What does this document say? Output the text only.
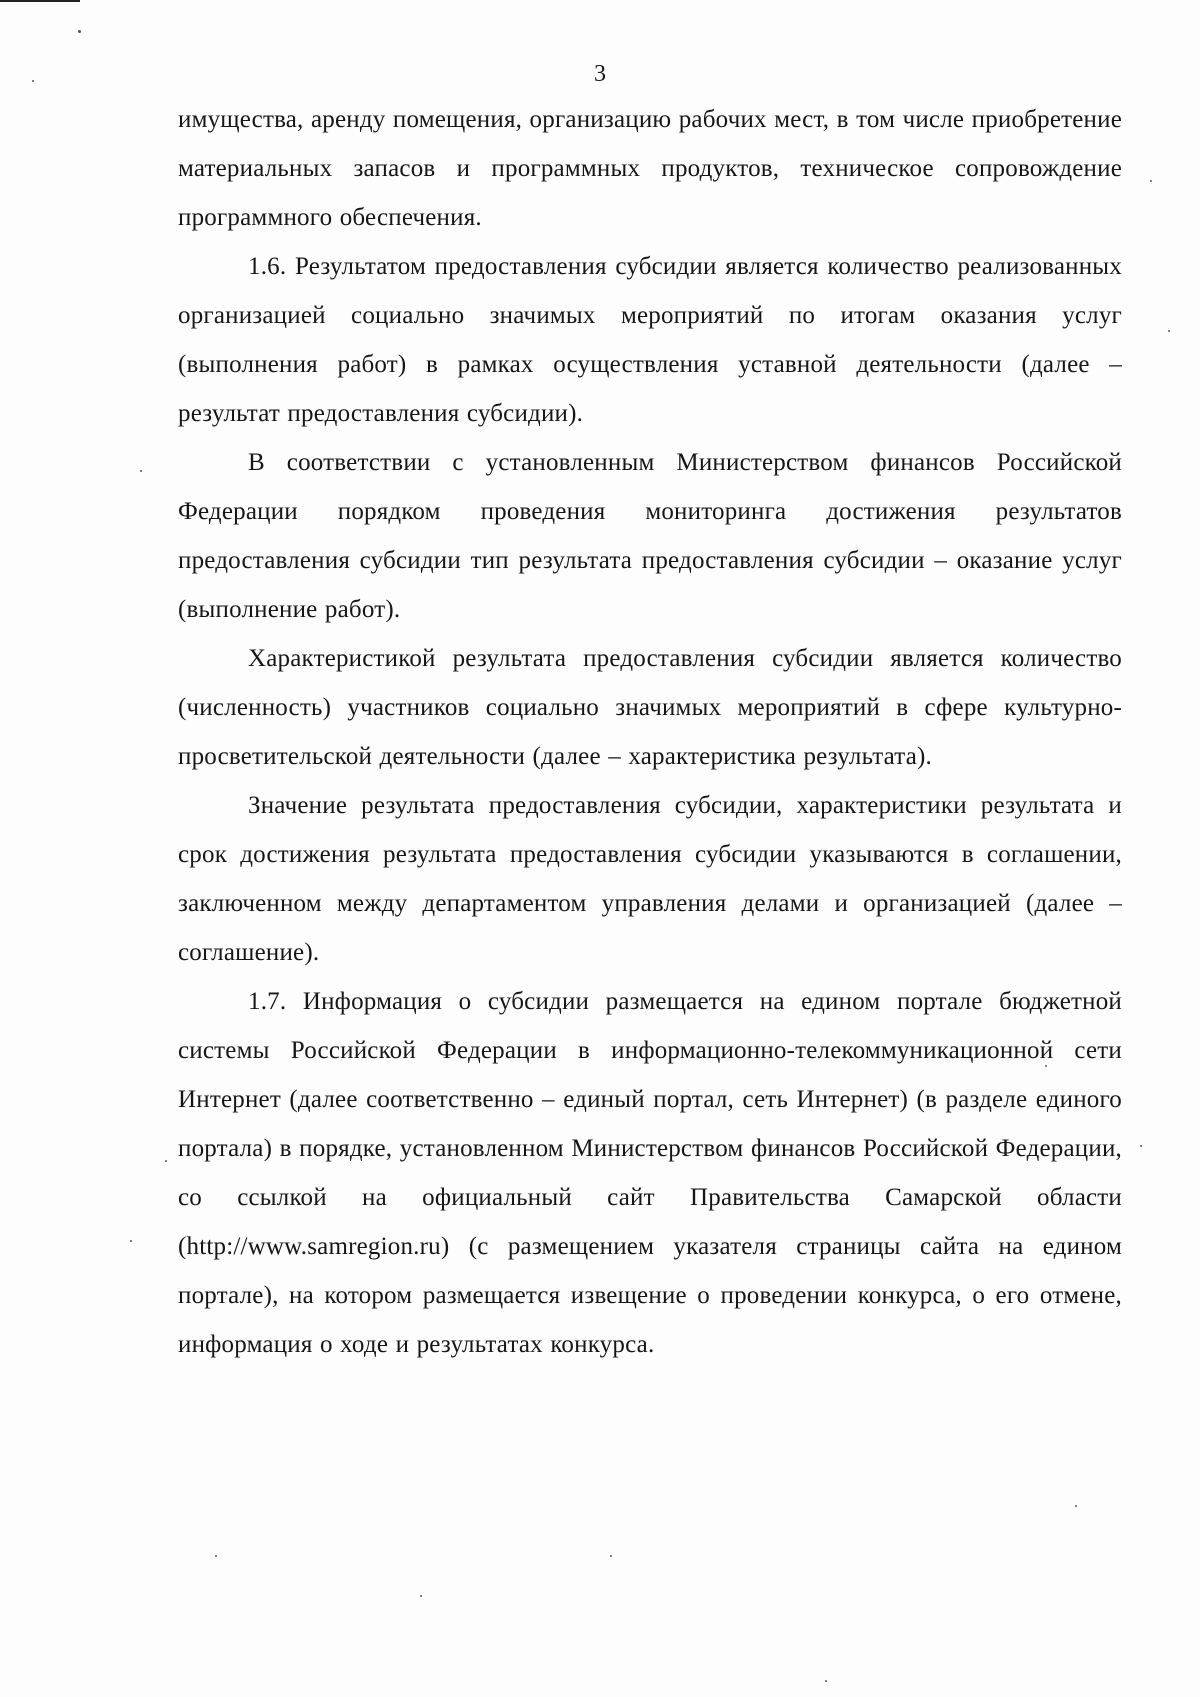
3

имущества, аренду помещения, организацию рабочих мест, в том числе приобретение материальных запасов и программных продуктов, техническое сопровождение программного обеспечения.

1.6. Результатом предоставления субсидии является количество реализованных организацией социально значимых мероприятий по итогам оказания услуг (выполнения работ) в рамках осуществления уставной деятельности (далее – результат предоставления субсидии).

В соответствии с установленным Министерством финансов Российской Федерации порядком проведения мониторинга достижения результатов предоставления субсидии тип результата предоставления субсидии – оказание услуг (выполнение работ).

Характеристикой результата предоставления субсидии является количество (численность) участников социально значимых мероприятий в сфере культурно-просветительской деятельности (далее – характеристика результата).

Значение результата предоставления субсидии, характеристики результата и срок достижения результата предоставления субсидии указываются в соглашении, заключенном между департаментом управления делами и организацией (далее – соглашение).

1.7. Информация о субсидии размещается на едином портале бюджетной системы Российской Федерации в информационно-телекоммуникационной сети Интернет (далее соответственно – единый портал, сеть Интернет) (в разделе единого портала) в порядке, установленном Министерством финансов Российской Федерации, со ссылкой на официальный сайт Правительства Самарской области (http://www.samregion.ru) (с размещением указателя страницы сайта на едином портале), на котором размещается извещение о проведении конкурса, о его отмене, информация о ходе и результатах конкурса.
